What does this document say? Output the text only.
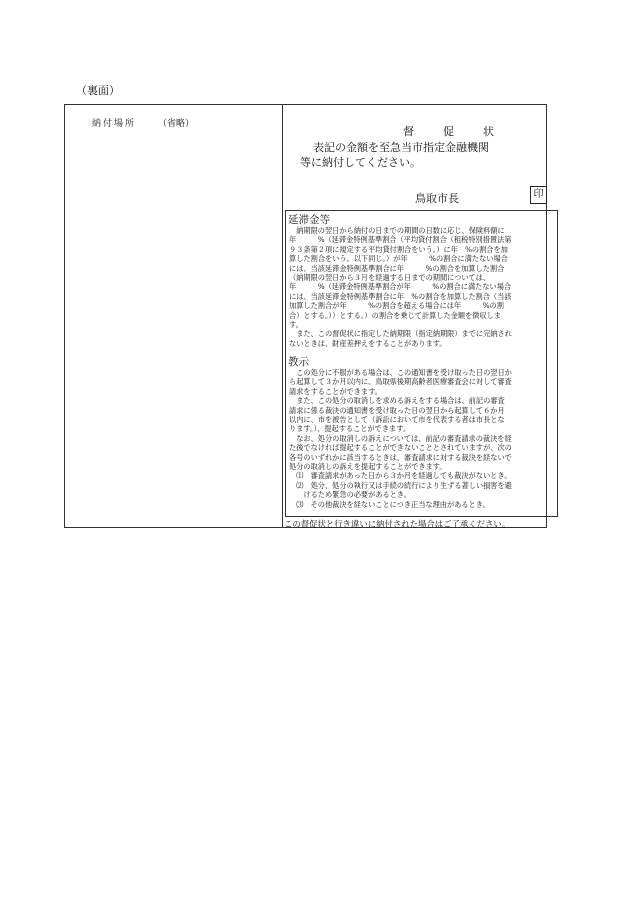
（裏面）
納付場所 （省略）
督　促　状
表記の金額を至急当市指定金融機関
等に納付してください。
鳥取市長	印
延滞金等
　納期限の翌日から納付の日までの期間の日数に応じ、保険料額に
年　　　%（延滞金特例基準割合（平均貸付割合（租税特別措置法第
９３条第２項に規定する平均貸付割合をいう。）に年　%の割合を加
算した割合をいう。以下同じ。）が年　　　%の割合に満たない場合
には、当該延滞金特例基準割合に年　　　%の割合を加算した割合
（納期限の翌日から３月を経過する日までの期間については、
年　　　%（延滞金特例基準割合が年　　　%の割合に満たない場合
には、当該延滞金特例基準割合に年　%の割合を加算した割合（当該
加算した割合が年　　　%の割合を超える場合には年　　　%の割
合）とする。））とする。）の割合を乗じて計算した金額を徴収しま
す。
　また、この督促状に指定した納期限（指定納期限）までに完納され
ないときは、財産差押えをすることがあります。
教示
　この処分に不服がある場合は、この通知書を受け取った日の翌日か
ら起算して３か月以内に、鳥取県後期高齢者医療審査会に対して審査
請求をすることができます。
　また、この処分の取消しを求める訴えをする場合は、前記の審査
請求に係る裁決の通知書を受け取った日の翌日から起算して６か月
以内に、市を被告として（訴訟において市を代表する者は市長とな
ります。）、提起することができます。
　なお、処分の取消しの訴えについては、前記の審査請求の裁決を経
た後でなければ提起することができないこととされていますが、次の
各号のいずれかに該当するときは、審査請求に対する裁決を経ないで
処分の取消しの訴えを提起することができます。
　⑴　審査請求があった日から３か月を経過しても裁決がないとき。
　⑵　処分、処分の執行又は手続の続行により生ずる著しい損害を避
　　けるため緊急の必要があるとき。
　⑶　その他裁決を経ないことにつき正当な理由があるとき。
この督促状と行き違いに納付された場合はご了承ください。
